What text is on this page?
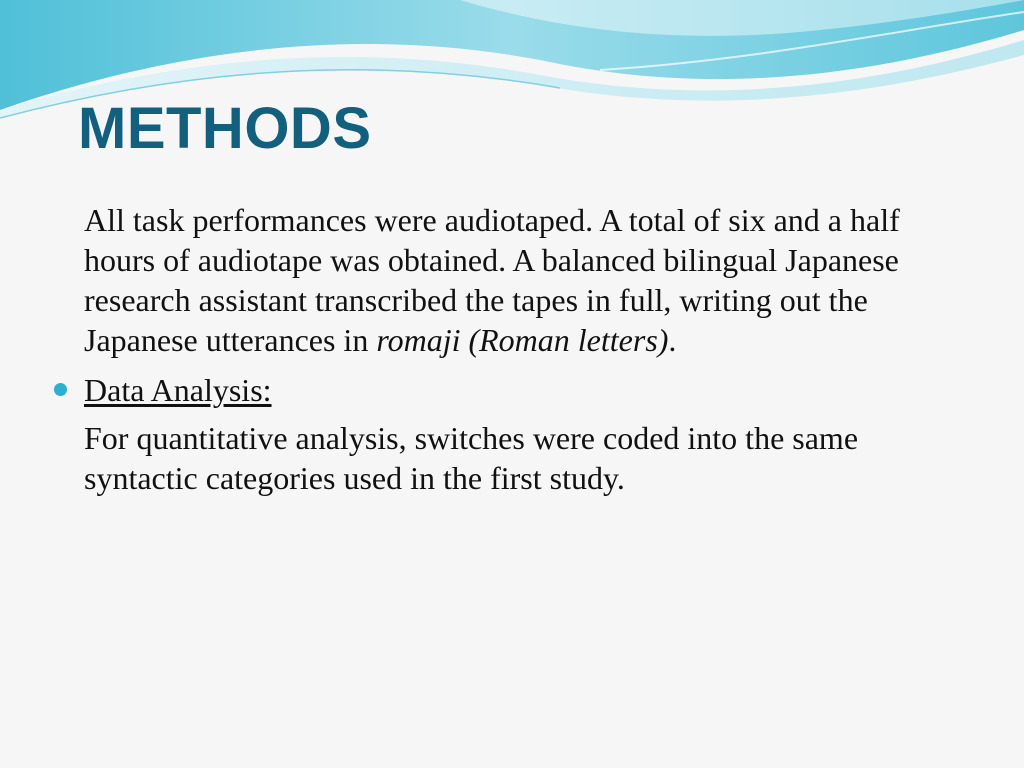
METHODS

All task performances were audiotaped. A total of six and a half hours of audiotape was obtained. A balanced bilingual Japanese research assistant transcribed the tapes in full, writing out the Japanese utterances in romaji (Roman letters).

Data Analysis:

For quantitative analysis, switches were coded into the same syntactic categories used in the first study.
